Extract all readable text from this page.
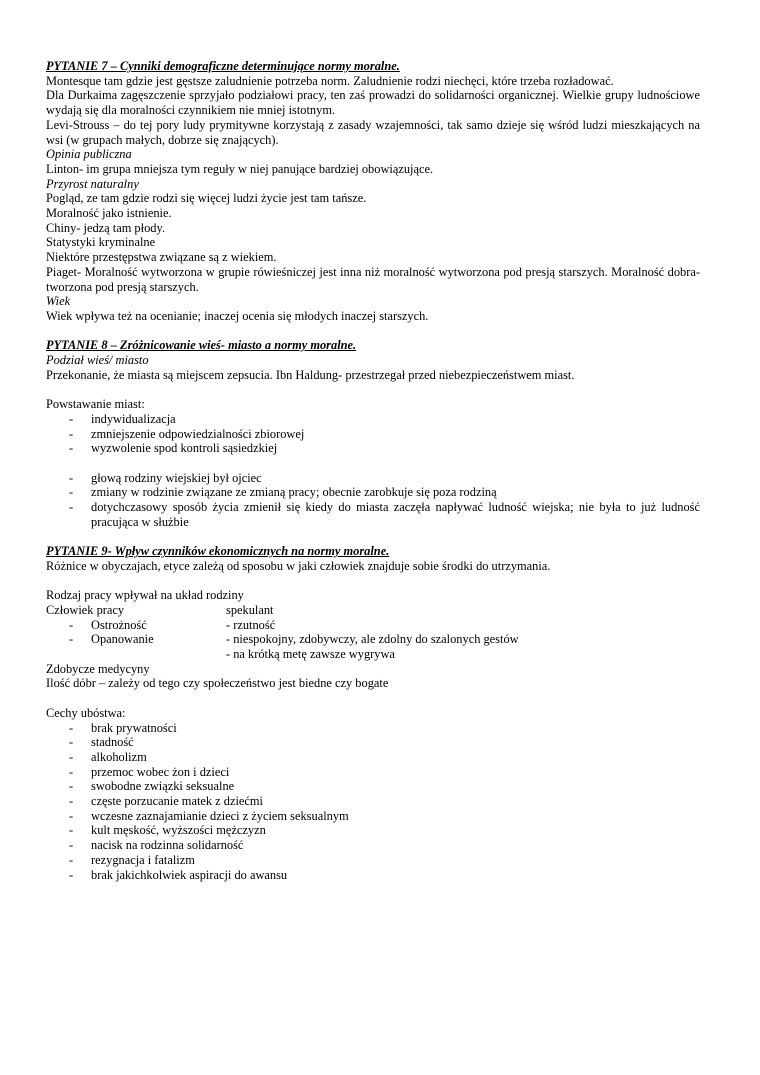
PYTANIE 7 – Cynniki demograficzne determinujące normy moralne.
Montesque tam gdzie jest gęstsze zaludnienie potrzeba norm. Zaludnienie rodzi niechęci, które trzeba rozładować.
Dla Durkaima zagęszczenie sprzyjało podziałowi pracy, ten zaś prowadzi do solidarności organicznej. Wielkie grupy ludnościowe wydają się dla moralności czynnikiem nie mniej istotnym.
Levi-Strouss – do tej pory ludy prymitywne korzystają z zasady wzajemności, tak samo dzieje się wśród ludzi mieszkających na wsi (w grupach małych, dobrze się znających).
Opinia publiczna
Linton- im grupa mniejsza tym reguły w niej panujące bardziej obowiązujące.
Przyrost naturalny
Pogląd, ze tam gdzie rodzi się więcej ludzi życie jest tam tańsze.
Moralność jako istnienie.
Chiny- jedzą tam płody.
Statystyki kryminalne
Niektóre przestępstwa związane są z wiekiem.
Piaget- Moralność wytworzona w grupie rówieśniczej jest inna niż moralność wytworzona pod presją starszych. Moralność dobra- tworzona pod presją starszych.
Wiek
Wiek wpływa też na ocenianie; inaczej ocenia się młodych inaczej starszych.
PYTANIE 8 – Zróżnicowanie wieś- miasto a normy moralne.
Podział wieś/ miasto
Przekonanie, że miasta są miejscem zepsucia. Ibn Haldung- przestrzegał przed niebezpieczeństwem miast.
Powstawanie miast:
- indywidualizacja
- zmniejszenie odpowiedzialności zbiorowej
- wyzwolenie spod kontroli sąsiedzkiej
- głową rodziny wiejskiej był ojciec
- zmiany w rodzinie związane ze zmianą pracy; obecnie zarobkuje się poza rodziną
- dotychczasowy sposób życia zmienił się kiedy do miasta zaczęła napływać ludność wiejska; nie była to już ludność pracująca w służbie
PYTANIE 9- Wpływ czynników ekonomicznych na normy moralne.
Różnice w obyczajach, etyce zależą od sposobu w jaki człowiek znajduje sobie środki do utrzymania.
Rodzaj pracy wpływał na układ rodziny
Człowiek pracy	spekulant
- Ostrożność	- rzutność
- Opanowanie	- niespokojny, zdobywczy, ale zdolny do szalonych gestów
- na krótką metę zawsze wygrywa
Zdobycze medycyny
Ilość dóbr – zależy od tego czy społeczeństwo jest biedne czy bogate
Cechy ubóstwa:
- brak prywatności
- stadność
- alkoholizm
- przemoc wobec żon i dzieci
- swobodne związki seksualne
- częste porzucanie matek z dziećmi
- wczesne zaznajamianie dzieci z życiem seksualnym
- kult męskość, wyższości mężczyzn
- nacisk na rodzinna solidarność
- rezygnacja i fatalizm
- brak jakichkolwiek aspiracji do awansu
